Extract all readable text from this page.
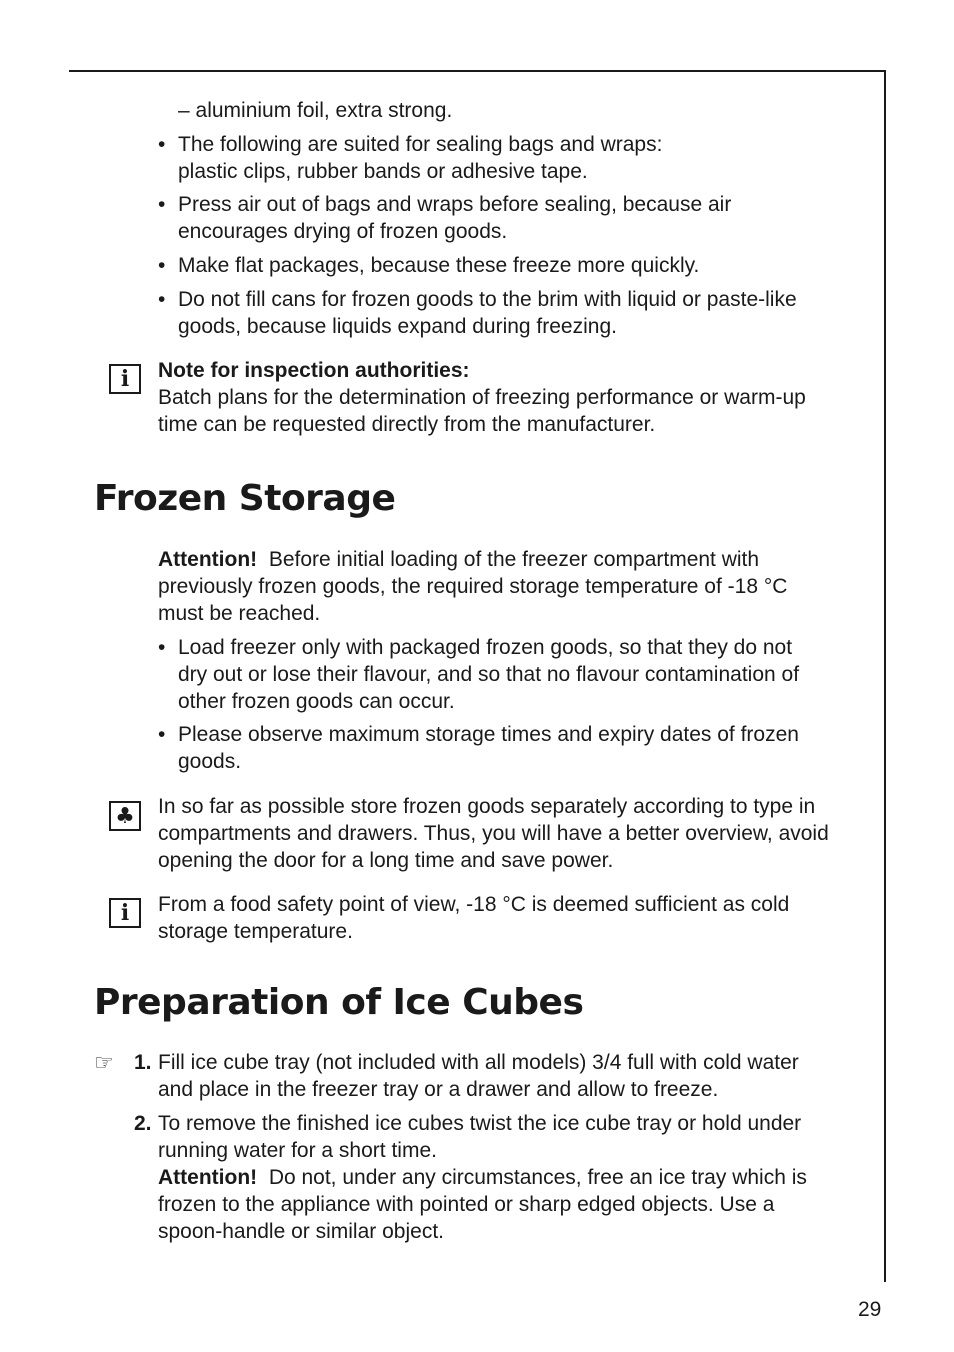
– aluminium foil, extra strong.
• The following are suited for sealing bags and wraps:
plastic clips, rubber bands or adhesive tape.
• Press air out of bags and wraps before sealing, because air
encourages drying of frozen goods.
• Make flat packages, because these freeze more quickly.
• Do not fill cans for frozen goods to the brim with liquid or paste-like
goods, because liquids expand during freezing.
i	Note for inspection authorities:
Batch plans for the determination of freezing performance or warm-up
time can be requested directly from the manufacturer.
Frozen Storage
Attention! Before initial loading of the freezer compartment with
previously frozen goods, the required storage temperature of -18 °C
must be reached.
• Load freezer only with packaged frozen goods, so that they do not
dry out or lose their flavour, and so that no flavour contamination of
other frozen goods can occur.
• Please observe maximum storage times and expiry dates of frozen
goods.
♣ In so far as possible store frozen goods separately according to type in
compartments and drawers. Thus, you will have a better overview, avoid
opening the door for a long time and save power.
i	From a food safety point of view, -18 °C is deemed sufficient as cold
storage temperature.
Preparation of Ice Cubes
☞ 1. Fill ice cube tray (not included with all models) 3/4 full with cold water
and place in the freezer tray or a drawer and allow to freeze.
2. To remove the finished ice cubes twist the ice cube tray or hold under
running water for a short time.
Attention! Do not, under any circumstances, free an ice tray which is
frozen to the appliance with pointed or sharp edged objects. Use a
spoon-handle or similar object.
29
